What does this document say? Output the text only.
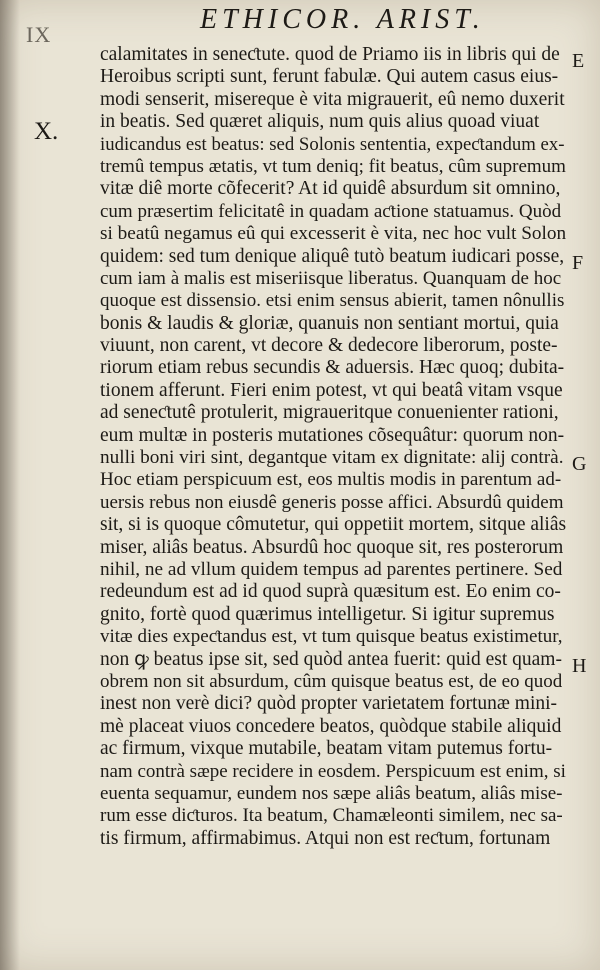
ETHICOR. ARIST.
IX
X.
calamitates in seneƈtute. quod de Priamo iis in libris qui de
Heroibus scripti sunt, ferunt fabulæ. Qui autem casus eius-
modi senserit, misereque è vita migrauerit, eû nemo duxerit
in beatis. Sed quæret aliquis, num quis alius quoad viuat
iudicandus est beatus: sed Solonis sententia, expeƈtandum ex-
tremû tempus ætatis, vt tum deniq; fit beatus, cûm supremum
vitæ diê morte cõfecerit? At id quidê absurdum sit omnino,
cum præsertim felicitatê in quadam aƈtione statuamus. Quòd
si beatû negamus eû qui excesserit è vita, nec hoc vult Solon
quidem: sed tum denique aliquê tutò beatum iudicari posse,
cum iam à malis est miseriisque liberatus. Quanquam de hoc
quoque est dissensio. etsi enim sensus abierit, tamen nônullis
bonis & laudis & gloriæ, quanuis non sentiant mortui, quia
viuunt, non carent, vt decore & dedecore liberorum, poste-
riorum etiam rebus secundis & aduersis. Hæc quoq; dubita-
tionem afferunt. Fieri enim potest, vt qui beatâ vitam vsque
ad seneƈtutê protulerit, migraueritque conuenienter rationi,
eum multæ in posteris mutationes cõsequâtur: quorum non-
nulli boni viri sint, degantque vitam ex dignitate: alij contrà.
Hoc etiam perspicuum est, eos multis modis in parentum ad-
uersis rebus non eiusdê generis posse affici. Absurdû quidem
sit, si is quoque cômutetur, qui oppetiit mortem, sitque aliâs
miser, aliâs beatus. Absurdû hoc quoque sit, res posterorum
nihil, ne ad vllum quidem tempus ad parentes pertinere. Sed
redeundum est ad id quod suprà quæsitum est. Eo enim co-
gnito, fortè quod quærimus intelligetur. Si igitur supremus
vitæ dies expeƈtandus est, vt tum quisque beatus existimetur,
non ꝙ beatus ipse sit, sed quòd antea fuerit: quid est quam-
obrem non sit absurdum, cûm quisque beatus est, de eo quod
inest non verè dici? quòd propter varietatem fortunæ mini-
mè placeat viuos concedere beatos, quòdque stabile aliquid
ac firmum, vixque mutabile, beatam vitam putemus fortu-
nam contrà sæpe recidere in eosdem. Perspicuum est enim, si
euenta sequamur, eundem nos sæpe aliâs beatum, aliâs mise-
rum esse diƈturos. Ita beatum, Chamæleonti similem, nec sa-
tis firmum, affirmabimus. Atqui non est reƈtum, fortunam
E
F
G
H
